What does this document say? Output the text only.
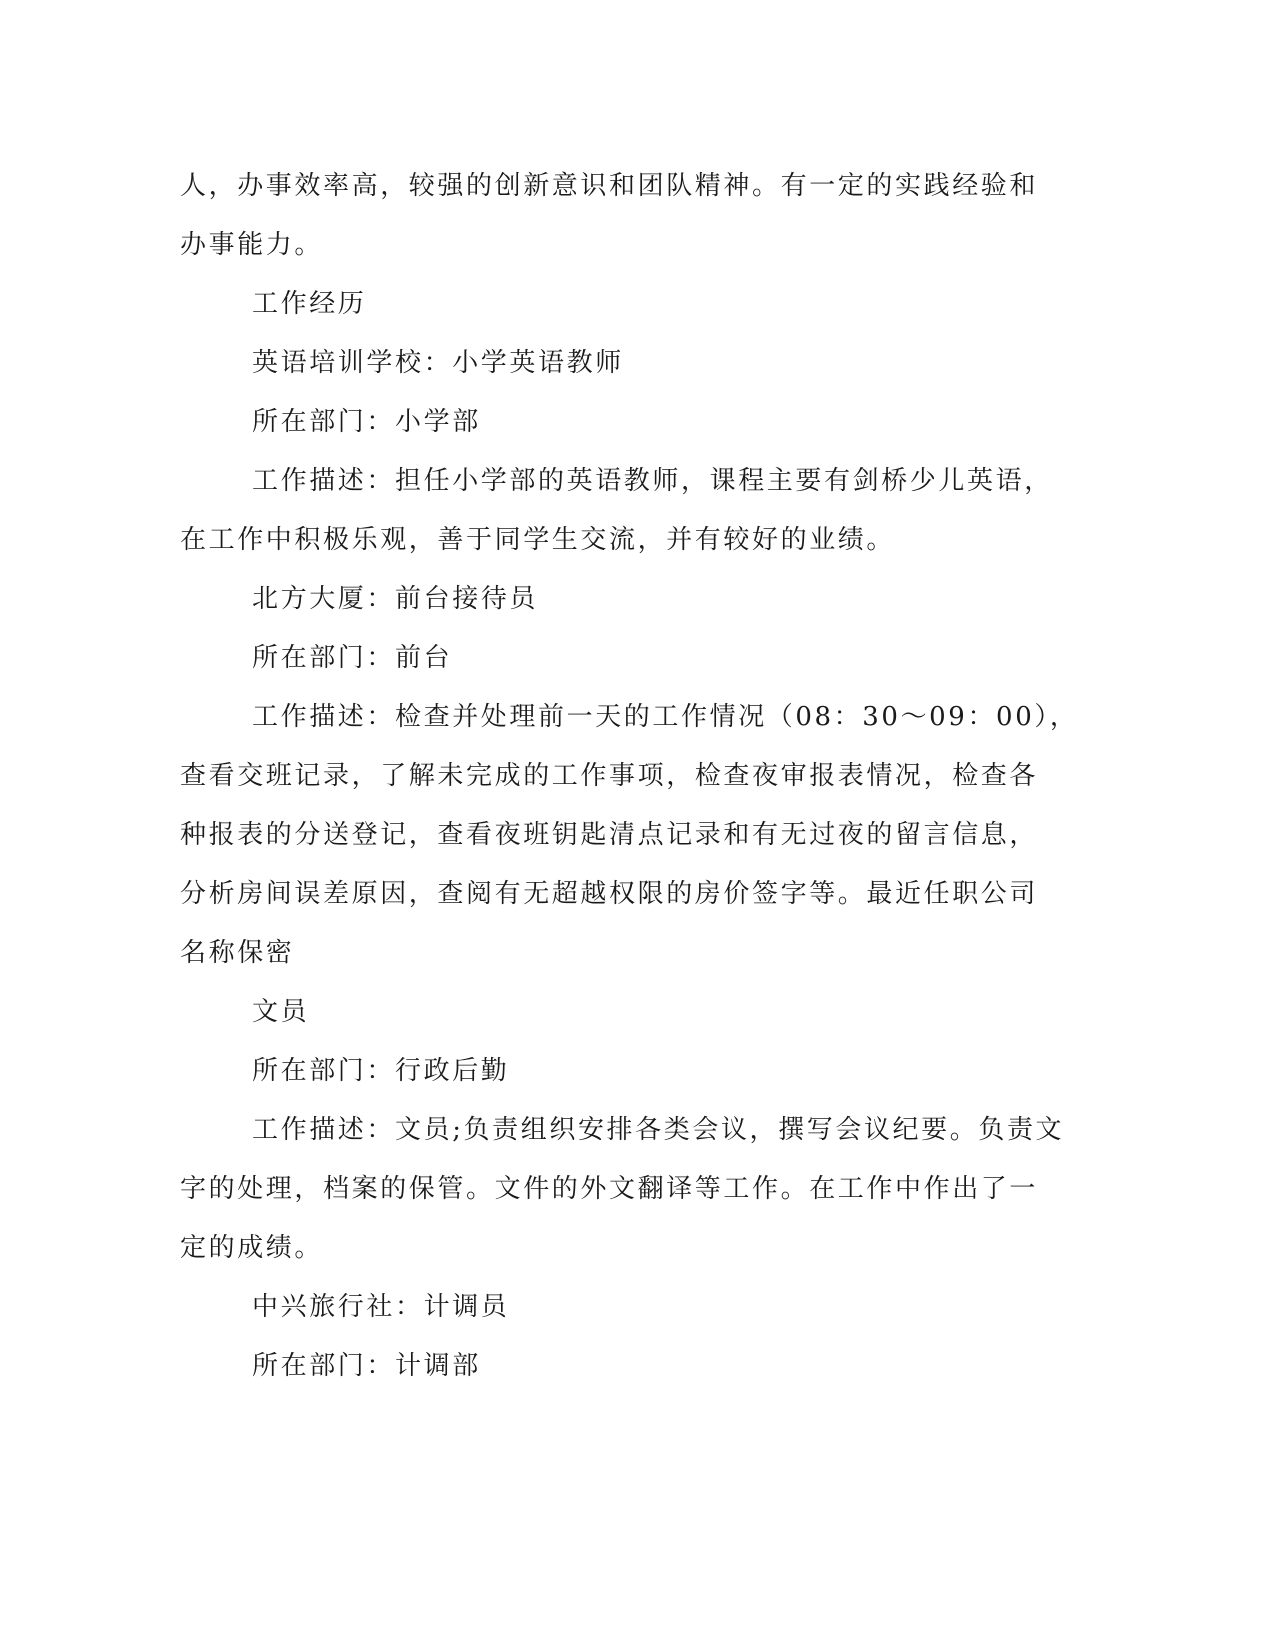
人，办事效率高，较强的创新意识和团队精神。有一定的实践经验和

办事能力。

工作经历

英语培训学校：小学英语教师

所在部门：小学部

工作描述：担任小学部的英语教师，课程主要有剑桥少儿英语，

在工作中积极乐观，善于同学生交流，并有较好的业绩。

北方大厦：前台接待员

所在部门：前台

工作描述：检查并处理前一天的工作情况（08：30～09：00），

查看交班记录，了解未完成的工作事项，检查夜审报表情况，检查各

种报表的分送登记，查看夜班钥匙清点记录和有无过夜的留言信息，

分析房间误差原因，查阅有无超越权限的房价签字等。最近任职公司

名称保密

文员

所在部门：行政后勤

工作描述：文员;负责组织安排各类会议，撰写会议纪要。负责文

字的处理，档案的保管。文件的外文翻译等工作。在工作中作出了一

定的成绩。

中兴旅行社：计调员

所在部门：计调部
